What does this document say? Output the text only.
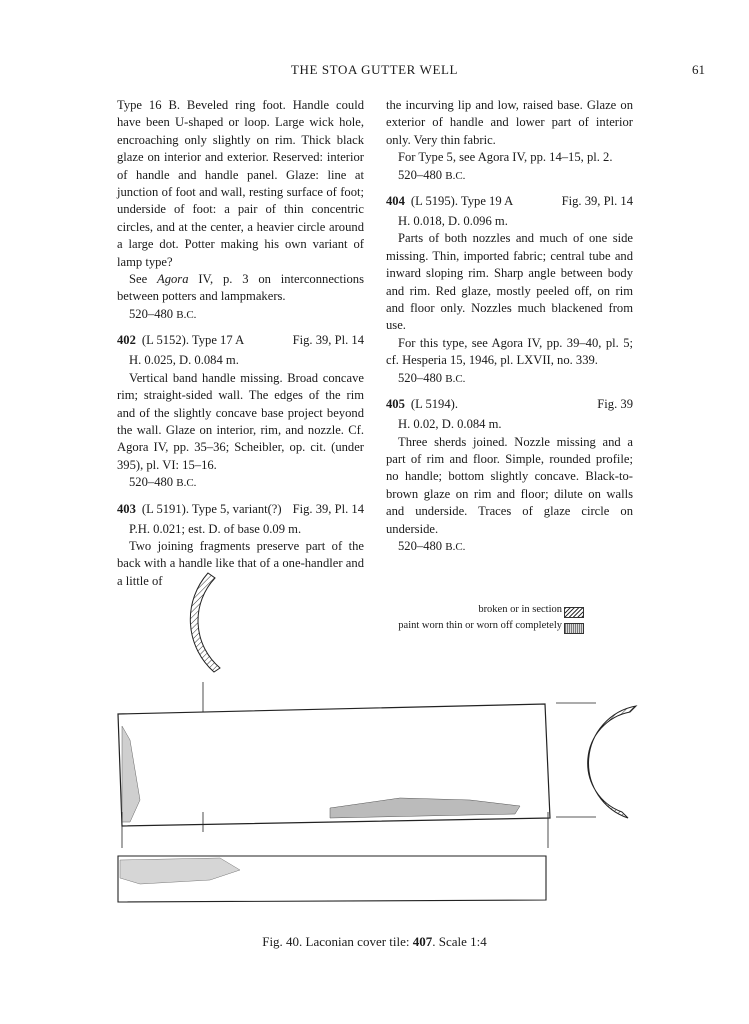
THE STOA GUTTER WELL	61

Type 16 B. Beveled ring foot. Handle could have been U-shaped or loop. Large wick hole, encroaching only slightly on rim. Thick black glaze on interior and exterior. Reserved: interior of handle and handle panel. Glaze: line at junction of foot and wall, resting surface of foot; underside of foot: a pair of thin concentric circles, and at the center, a heavier circle around a large dot. Potter making his own variant of lamp type?

See Agora IV, p. 3 on interconnections between potters and lampmakers.

520–480 B.C.

402 (L 5152). Type 17 A	Fig. 39, Pl. 14

H. 0.025, D. 0.084 m.

Vertical band handle missing. Broad concave rim; straight-sided wall. The edges of the rim and of the slightly concave base project beyond the wall. Glaze on interior, rim, and nozzle. Cf. Agora IV, pp. 35–36; Scheibler, op. cit. (under 395), pl. VI: 15–16.

520–480 B.C.

403 (L 5191). Type 5, variant(?) Fig. 39, Pl. 14

P.H. 0.021; est. D. of base 0.09 m.

Two joining fragments preserve part of the back with a handle like that of a one-handler and a little of

the incurving lip and low, raised base. Glaze on exterior of handle and lower part of interior only. Very thin fabric.

For Type 5, see Agora IV, pp. 14–15, pl. 2.

520–480 B.C.

404 (L 5195). Type 19 A	Fig. 39, Pl. 14

H. 0.018, D. 0.096 m.

Parts of both nozzles and much of one side missing. Thin, imported fabric; central tube and inward sloping rim. Sharp angle between body and rim. Red glaze, mostly peeled off, on rim and floor only. Nozzles much blackened from use.

For this type, see Agora IV, pp. 39–40, pl. 5; cf. Hesperia 15, 1946, pl. LXVII, no. 339.

520–480 B.C.

405 (L 5194).	Fig. 39

H. 0.02, D. 0.084 m.

Three sherds joined. Nozzle missing and a part of rim and floor. Simple, rounded profile; no handle; bottom slightly concave. Black-to-brown glaze on rim and floor; dilute on walls and underside. Traces of glaze circle on underside.

520–480 B.C.

broken or in section
paint worn thin or worn off completely
Fig. 40. Laconian cover tile: 407. Scale 1:4
